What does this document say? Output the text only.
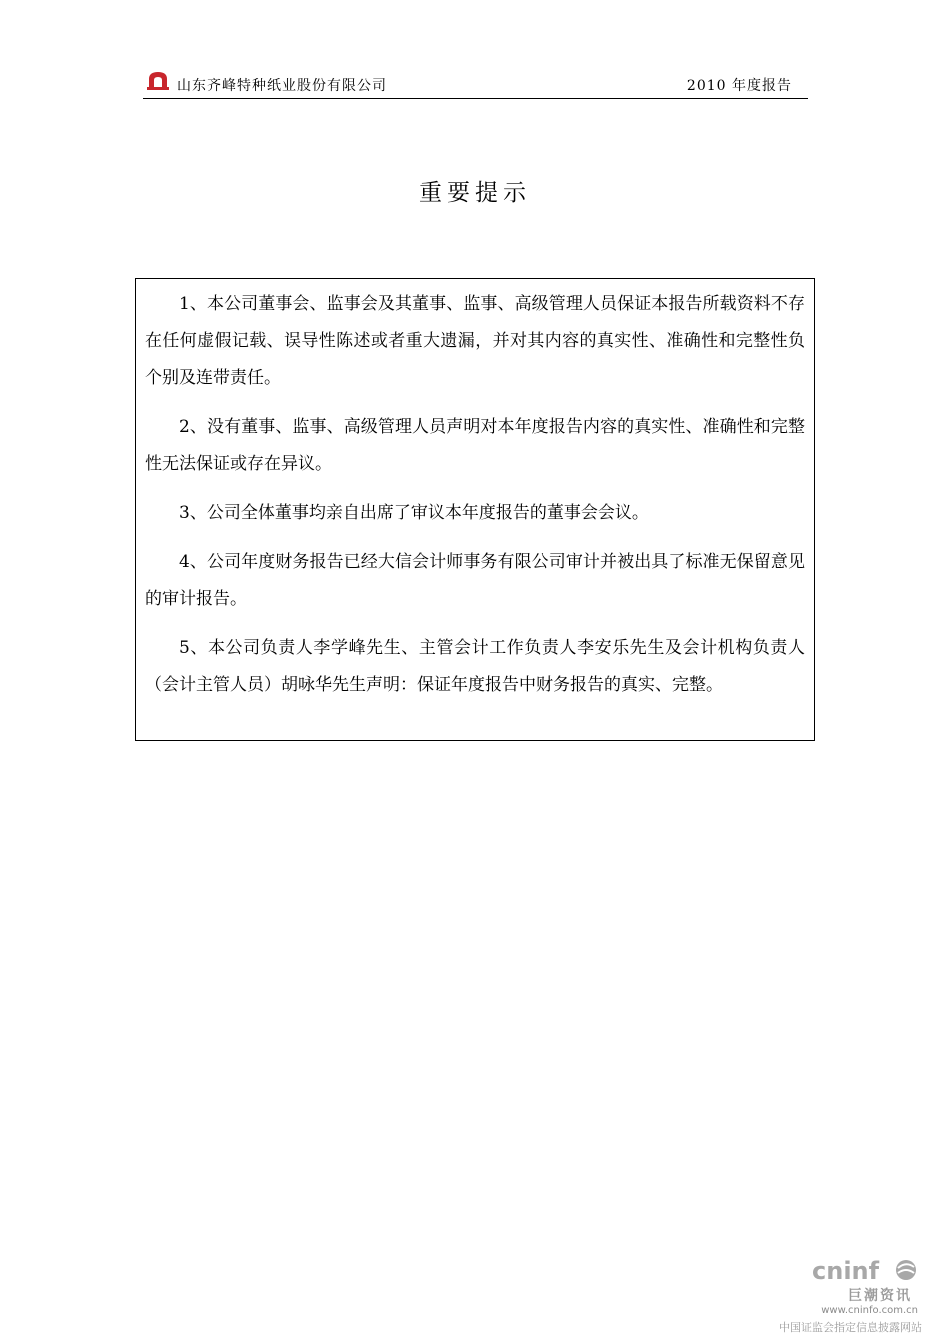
山东齐峰特种纸业股份有限公司	2010 年度报告
重要提示

1、本公司董事会、监事会及其董事、监事、高级管理人员保证本报告所载资料不存在任何虚假记载、误导性陈述或者重大遗漏，并对其内容的真实性、准确性和完整性负个别及连带责任。

2、没有董事、监事、高级管理人员声明对本年度报告内容的真实性、准确性和完整性无法保证或存在异议。

3、公司全体董事均亲自出席了审议本年度报告的董事会会议。

4、公司年度财务报告已经大信会计师事务有限公司审计并被出具了标准无保留意见的审计报告。

5、本公司负责人李学峰先生、主管会计工作负责人李安乐先生及会计机构负责人（会计主管人员）胡咏华先生声明：保证年度报告中财务报告的真实、完整。

cninf
巨潮资讯
www.cninfo.com.cn
中国证监会指定信息披露网站
